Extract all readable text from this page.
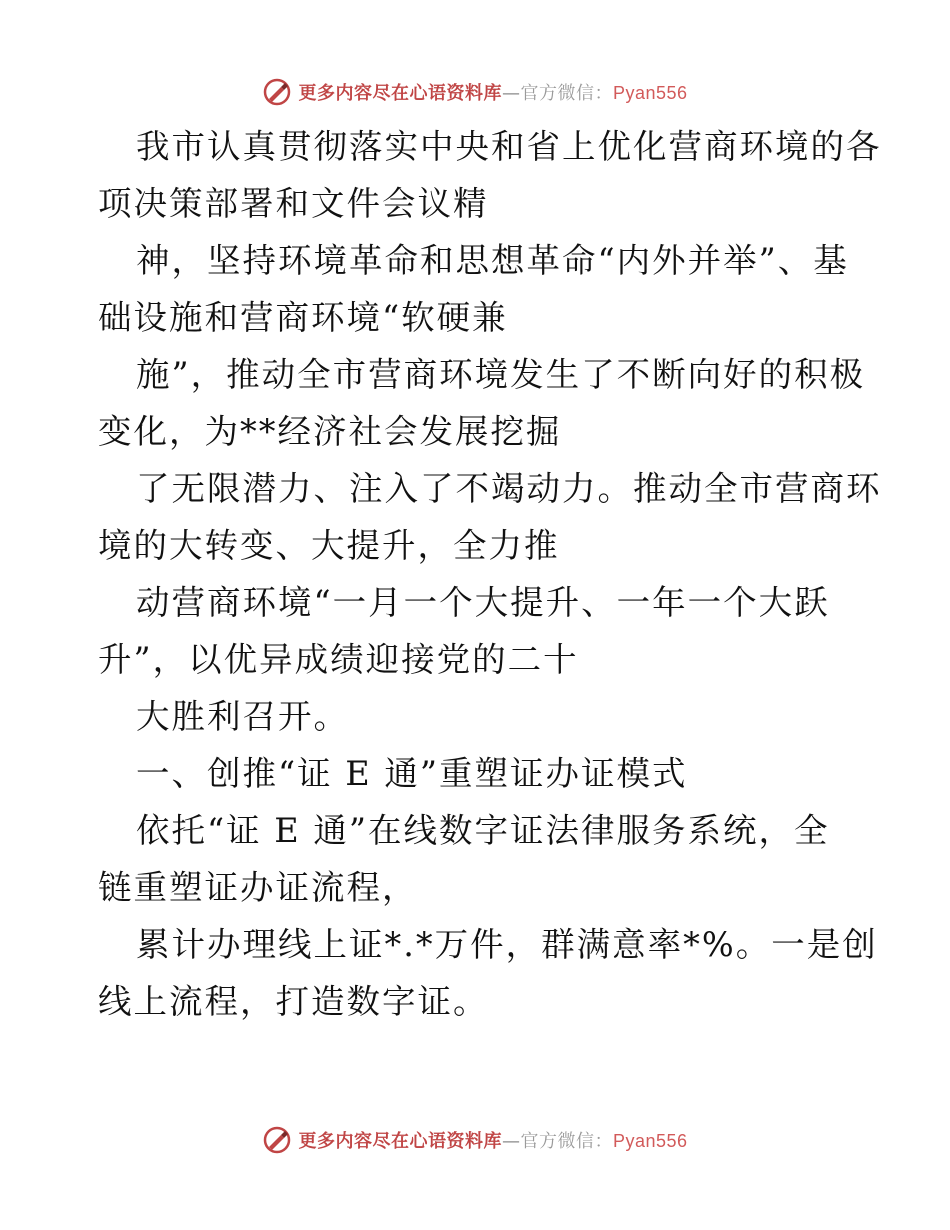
更多内容尽在心语资料库—官方微信：Pyan556
我市认真贯彻落实中央和省上优化营商环境的各
项决策部署和文件会议精
神，坚持环境革命和思想革命“内外并举”、基
础设施和营商环境“软硬兼
施”，推动全市营商环境发生了不断向好的积极
变化，为**经济社会发展挖掘
了无限潜力、注入了不竭动力。推动全市营商环
境的大转变、大提升，全力推
动营商环境“一月一个大提升、一年一个大跃
升”，以优异成绩迎接党的二十
大胜利召开。
一、创推“证 E 通”重塑证办证模式
依托“证 E 通”在线数字证法律服务系统，全
链重塑证办证流程，
累计办理线上证*.*万件，群满意率*%。一是创
线上流程，打造数字证。
更多内容尽在心语资料库—官方微信：Pyan556
